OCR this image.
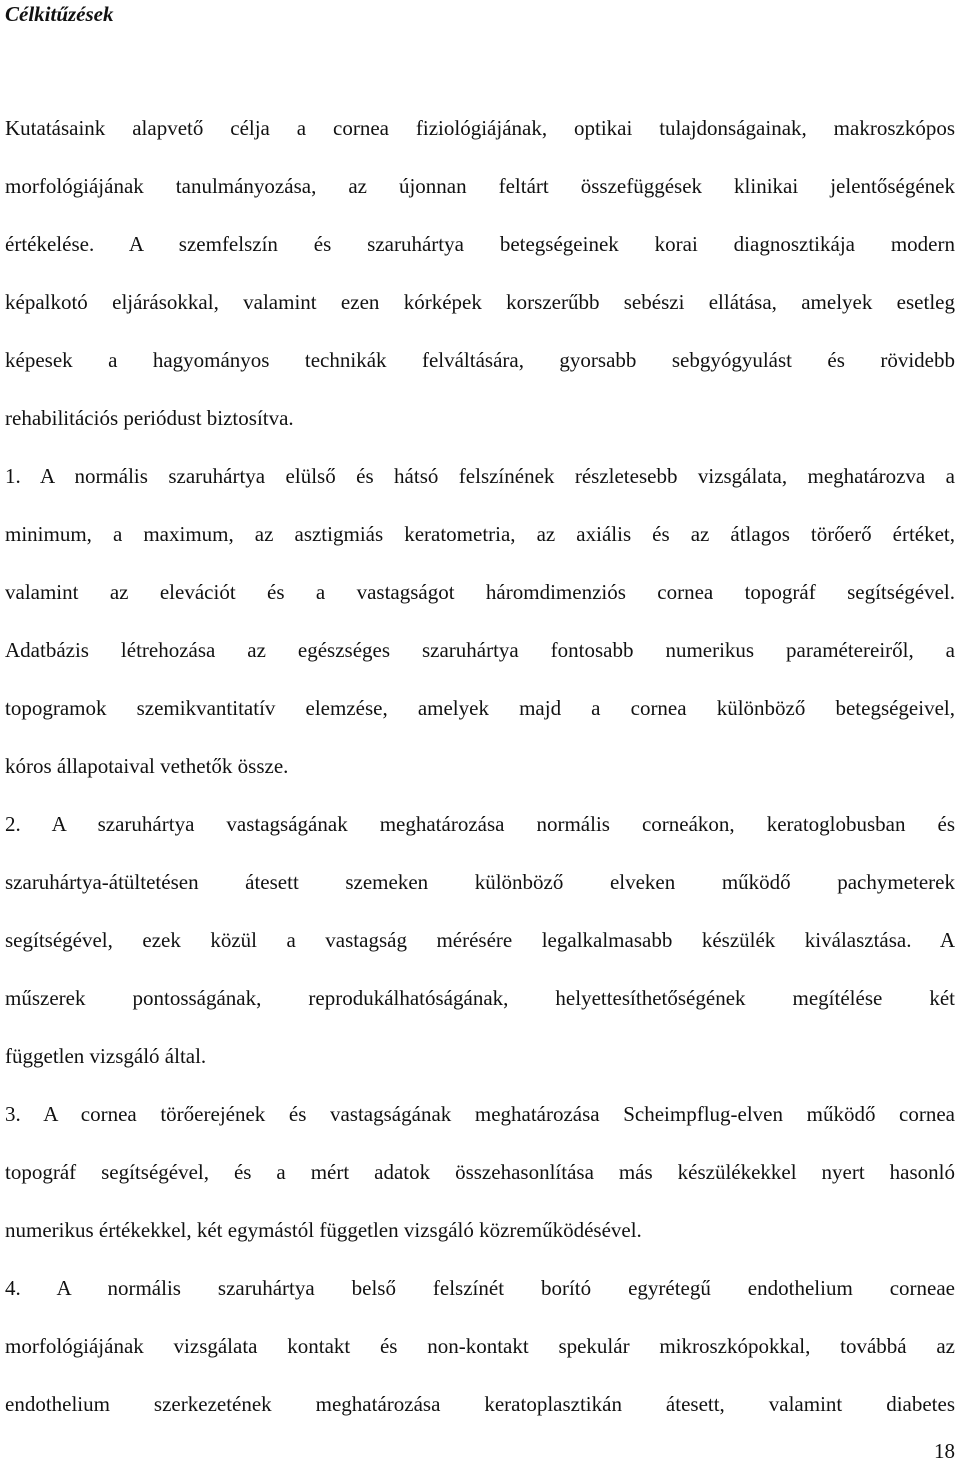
Célkitűzések
Kutatásaink alapvető célja a cornea fiziológiájának, optikai tulajdonságainak, makroszkópos
morfológiájának tanulmányozása, az újonnan feltárt összefüggések klinikai jelentőségének
értékelése. A szemfelszín és szaruhártya betegségeinek korai diagnosztikája modern
képalkotó eljárásokkal, valamint ezen kórképek korszerűbb sebészi ellátása, amelyek esetleg
képesek a hagyományos technikák felváltására, gyorsabb sebgyógyulást és rövidebb
rehabilitációs periódust biztosítva.
1. A normális szaruhártya elülső és hátsó felszínének részletesebb vizsgálata, meghatározva a
minimum, a maximum, az asztigmiás keratometria, az axiális és az átlagos törőerő értéket,
valamint az elevációt és a vastagságot háromdimenziós cornea topográf segítségével.
Adatbázis létrehozása az egészséges szaruhártya fontosabb numerikus paramétereiről, a
topogramok szemikvantitatív elemzése, amelyek majd a cornea különböző betegségeivel,
kóros állapotaival vethetők össze.
2. A szaruhártya vastagságának meghatározása normális corneákon, keratoglobusban és
szaruhártya-átültetésen átesett szemeken különböző elveken működő pachymeterek
segítségével, ezek közül a vastagság mérésére legalkalmasabb készülék kiválasztása. A
műszerek pontosságának, reprodukálhatóságának, helyettesíthetőségének megítélése két
független vizsgáló által.
3. A cornea törőerejének és vastagságának meghatározása Scheimpflug-elven működő cornea
topográf segítségével, és a mért adatok összehasonlítása más készülékekkel nyert hasonló
numerikus értékekkel, két egymástól független vizsgáló közreműködésével.
4. A normális szaruhártya belső felszínét borító egyrétegű endothelium corneae
morfológiájának vizsgálata kontakt és non-kontakt spekulár mikroszkópokkal, továbbá az
endothelium szerkezetének meghatározása keratoplasztikán átesett, valamint diabetes
18
